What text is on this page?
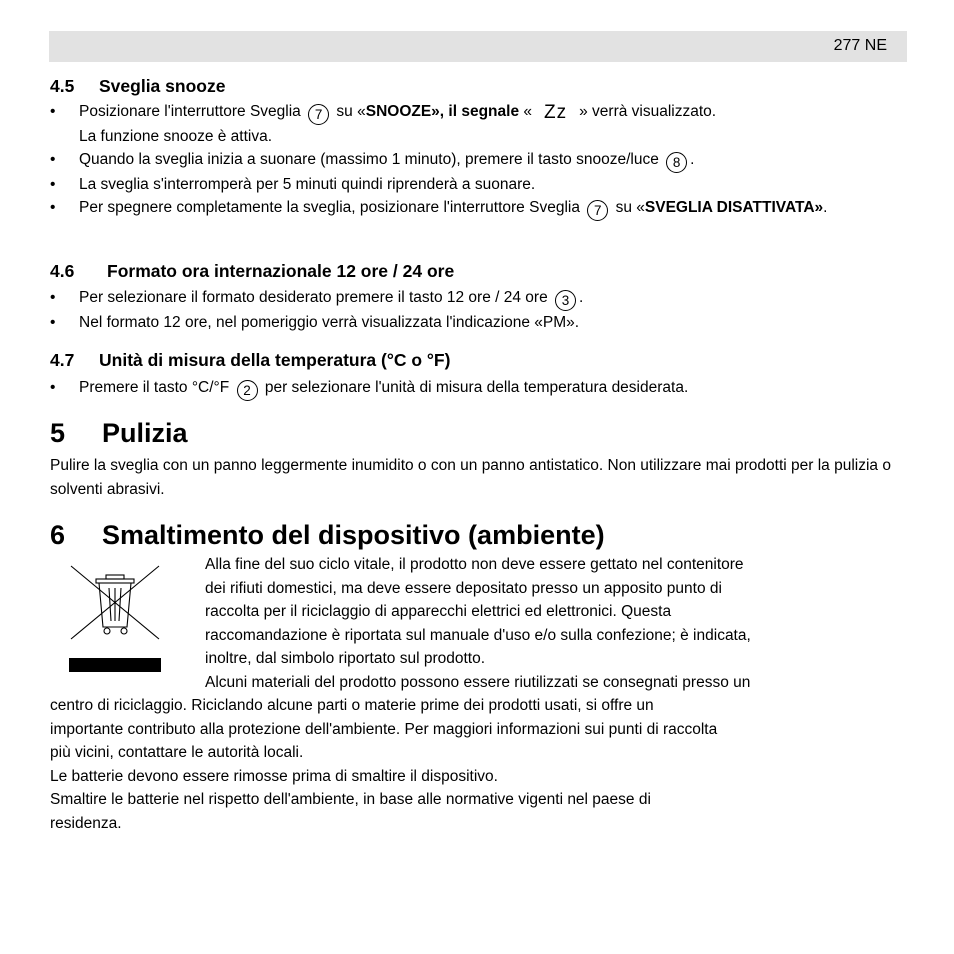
277 NE
4.5 Sveglia snooze
• Posizionare l'interruttore Sveglia 7 su «SNOOZE», il segnale « Zz » verrà visualizzato.
La funzione snooze è attiva.
• Quando la sveglia inizia a suonare (massimo 1 minuto), premere il tasto snooze/luce 8 .
• La sveglia s'interromperà per 5 minuti quindi riprenderà a suonare.
• Per spegnere completamente la sveglia, posizionare l'interruttore Sveglia 7 su «SVEGLIA DISATTIVATA».
4.6 Formato ora internazionale 12 ore / 24 ore
• Per selezionare il formato desiderato premere il tasto 12 ore / 24 ore 3 .
• Nel formato 12 ore, nel pomeriggio verrà visualizzata l'indicazione «PM».
4.7 Unità di misura della temperatura (°C o °F)
• Premere il tasto °C/°F 2 per selezionare l'unità di misura della temperatura desiderata.
5 Pulizia

Pulire la sveglia con un panno leggermente inumidito o con un panno antistatico. Non utilizzare mai prodotti per la pulizia o solventi abrasivi.

6 Smaltimento del dispositivo (ambiente)
Alla fine del suo ciclo vitale, il prodotto non deve essere gettato nel contenitore
dei rifiuti domestici, ma deve essere depositato presso un apposito punto di
raccolta per il riciclaggio di apparecchi elettrici ed elettronici. Questa
raccomandazione è riportata sul manuale d'uso e/o sulla confezione; è indicata,
inoltre, dal simbolo riportato sul prodotto.
Alcuni materiali del prodotto possono essere riutilizzati se consegnati presso un
centro di riciclaggio. Riciclando alcune parti o materie prime dei prodotti usati, si offre un
importante contributo alla protezione dell'ambiente. Per maggiori informazioni sui punti di raccolta
più vicini, contattare le autorità locali.
Le batterie devono essere rimosse prima di smaltire il dispositivo.
Smaltire le batterie nel rispetto dell'ambiente, in base alle normative vigenti nel paese di
residenza.
